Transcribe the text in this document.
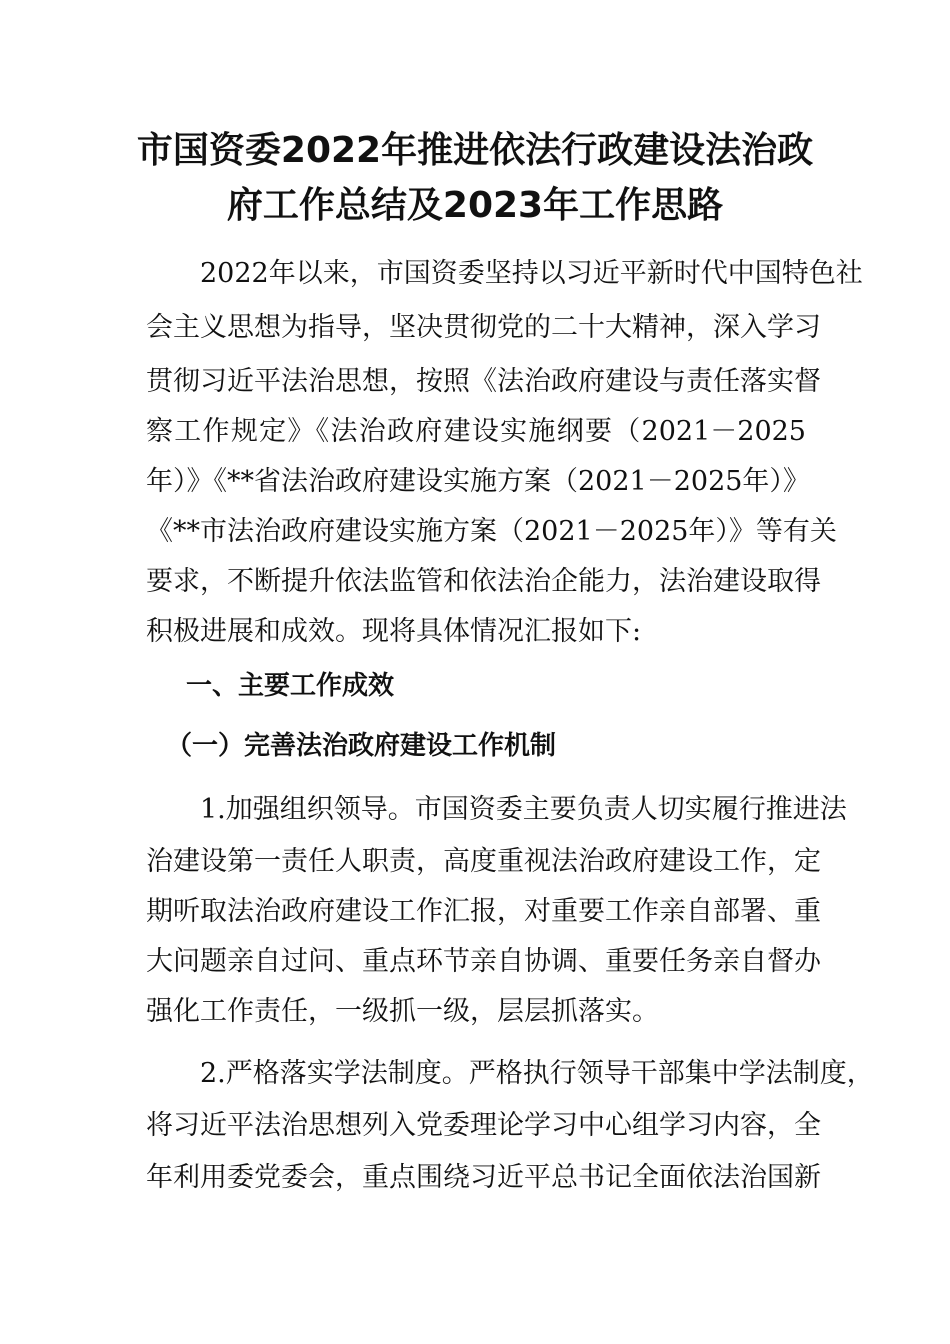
市国资委2022年推进依法行政建设法治政
府工作总结及2023年工作思路
　　2022年以来，市国资委坚持以习近平新时代中国特色社
会主义思想为指导，坚决贯彻党的二十大精神，深入学习
贯彻习近平法治思想，按照《法治政府建设与责任落实督
察工作规定》《法治政府建设实施纲要（2021－2025
年）》《**省法治政府建设实施方案（2021－2025年）》
《**市法治政府建设实施方案（2021－2025年）》等有关
要求，不断提升依法监管和依法治企能力，法治建设取得
积极进展和成效。现将具体情况汇报如下:
一、主要工作成效
（一）完善法治政府建设工作机制
　　1.加强组织领导。市国资委主要负责人切实履行推进法
治建设第一责任人职责，高度重视法治政府建设工作，定
期听取法治政府建设工作汇报，对重要工作亲自部署、重
大问题亲自过问、重点环节亲自协调、重要任务亲自督办
强化工作责任，一级抓一级，层层抓落实。
　　2.严格落实学法制度。严格执行领导干部集中学法制度，
将习近平法治思想列入党委理论学习中心组学习内容，全
年利用委党委会，重点围绕习近平总书记全面依法治国新
